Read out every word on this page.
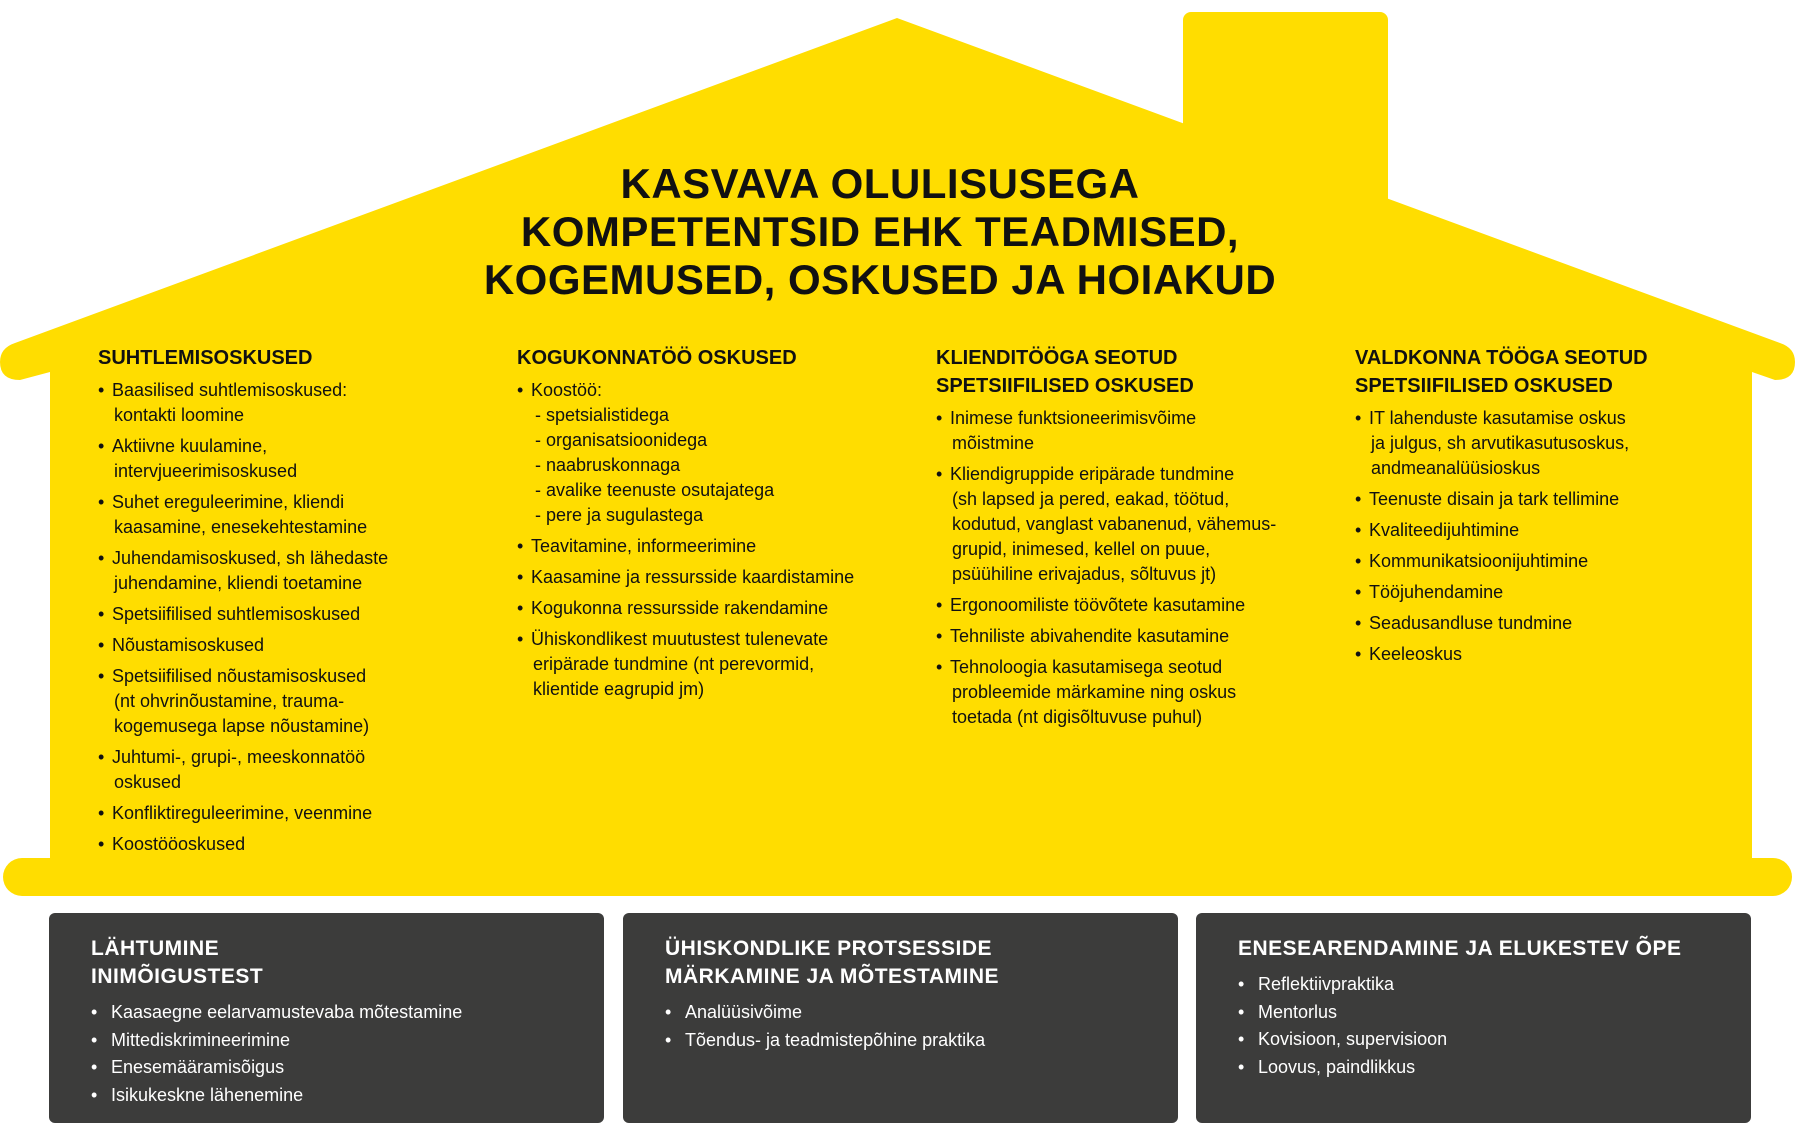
KASVAVA OLULISUSEGA
KOMPETENTSID EHK TEADMISED,
KOGEMUSED, OSKUSED JA HOIAKUD
SUHTLEMISOSKUSED
• Baasilised suhtlemisoskused:
kontakti loomine
• Aktiivne kuulamine,
intervjueerimisoskused
• Suhet ereguleerimine, kliendi
kaasamine, enesekehtestamine
• Juhendamisoskused, sh lähedaste
juhendamine, kliendi toetamine
• Spetsiifilised suhtlemisoskused
• Nõustamisoskused
• Spetsiifilised nõustamisoskused
(nt ohvrinõustamine, trauma-
kogemusega lapse nõustamine)
• Juhtumi-, grupi-, meeskonnatöö
oskused
• Konfliktireguleerimine, veenmine
• Koostööoskused
KOGUKONNATÖÖ OSKUSED
• Koostöö:
- spetsialistidega
- organisatsioonidega
- naabruskonnaga
- avalike teenuste osutajatega
- pere ja sugulastega
• Teavitamine, informeerimine
• Kaasamine ja ressursside kaardistamine
• Kogukonna ressursside rakendamine
• Ühiskondlikest muutustest tulenevate
eripärade tundmine (nt perevormid,
klientide eagrupid jm)
KLIENDITÖÖGA SEOTUD
SPETSIIFILISED OSKUSED
• Inimese funktsioneerimisvõime
mõistmine
• Kliendigruppide eripärade tundmine
(sh lapsed ja pered, eakad, töötud,
kodutud, vanglast vabanenud, vähemus-
grupid, inimesed, kellel on puue,
psüühiline erivajadus, sõltuvus jt)
• Ergonoomiliste töövõtete kasutamine
• Tehniliste abivahendite kasutamine
• Tehnoloogia kasutamisega seotud
probleemide märkamine ning oskus
toetada (nt digisõltuvuse puhul)
VALDKONNA TÖÖGA SEOTUD
SPETSIIFILISED OSKUSED
• IT lahenduste kasutamise oskus
ja julgus, sh arvutikasutusoskus,
andmeanalüüsioskus
• Teenuste disain ja tark tellimine
• Kvaliteedijuhtimine
• Kommunikatsioonijuhtimine
• Tööjuhendamine
• Seadusandluse tundmine
• Keeleoskus
LÄHTUMINE
INIMÕIGUSTEST
• Kaasaegne eelarvamustevaba mõtestamine
• Mittediskrimineerimine
• Enesemääramisõigus
• Isikukeskne lähenemine
ÜHISKONDLIKE PROTSESSIDE
MÄRKAMINE JA MÕTESTAMINE
• Analüüsivõime
• Tõendus- ja teadmistepõhine praktika
ENESEARENDAMINE JA ELUKESTEV ÕPE
• Reflektiivpraktika
• Mentorlus
• Kovisioon, supervisioon
• Loovus, paindlikkus
